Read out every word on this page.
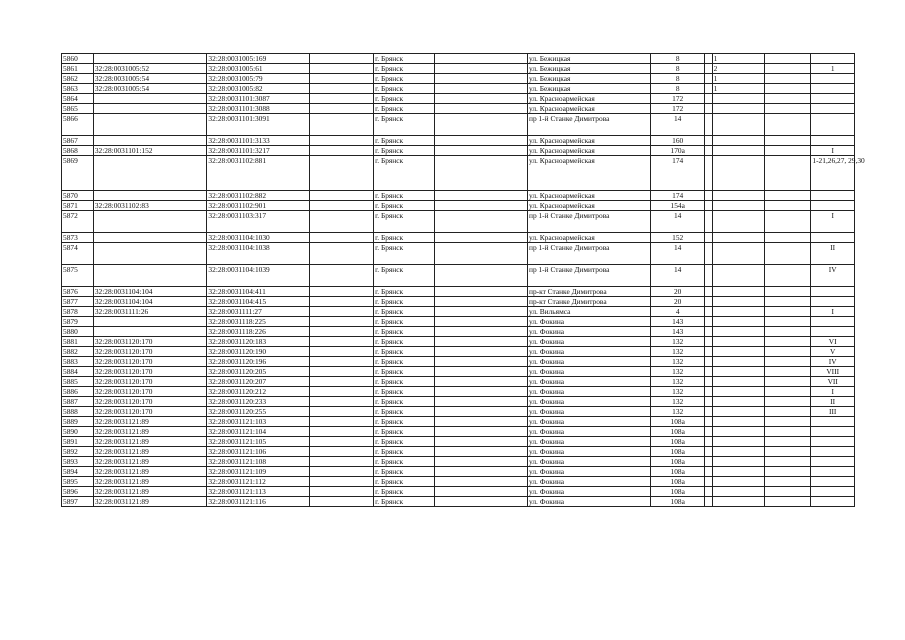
5860		32:28:0031005:169		г. Брянск		ул. Бежицкая	8		1		
5861	32:28:0031005:52	32:28:0031005:61		г. Брянск		ул. Бежицкая	8		2		1
5862	32:28:0031005:54	32:28:0031005:79		г. Брянск		ул. Бежицкая	8		1		
5863	32:28:0031005:54	32:28:0031005:82		г. Брянск		ул. Бежицкая	8		1		
5864		32:28:0031101:3087		г. Брянск		ул. Красноармейская	172				
5865		32:28:0031101:3088		г. Брянск		ул. Красноармейская	172				
5866		32:28:0031101:3091		г. Брянск		пр 1-й Станке Димитрова	14				
5867		32:28:0031101:3133		г. Брянск		ул. Красноармейская	160				
5868	32:28:0031101:152	32:28:0031101:3217		г. Брянск		ул. Красноармейская	170а				I
5869		32:28:0031102:881		г. Брянск		ул. Красноармейская	174				1-21,26,27, 29,30
5870		32:28:0031102:882		г. Брянск		ул. Красноармейская	174				
5871	32:28:0031102:83	32:28:0031102:901		г. Брянск		ул. Красноармейская	154а				
5872		32:28:0031103:317		г. Брянск		пр 1-й Станке Димитрова	14				I
5873		32:28:0031104:1030		г. Брянск		ул. Красноармейская	152				
5874		32:28:0031104:1038		г. Брянск		пр 1-й Станке Димитрова	14				II
5875		32:28:0031104:1039		г. Брянск		пр 1-й Станке Димитрова	14				IV
5876	32:28:0031104:104	32:28:0031104:411		г. Брянск		пр-кт Станке Димитрова	20				
5877	32:28:0031104:104	32:28:0031104:415		г. Брянск		пр-кт Станке Димитрова	20				
5878	32:28:0031111:26	32:28:0031111:27		г. Брянск		ул. Вильямса	4				I
5879		32:28:0031118:225		г. Брянск		ул. Фокина	143				
5880		32:28:0031118:226		г. Брянск		ул. Фокина	143				
5881	32:28:0031120:170	32:28:0031120:183		г. Брянск		ул. Фокина	132				VI
5882	32:28:0031120:170	32:28:0031120:190		г. Брянск		ул. Фокина	132				V
5883	32:28:0031120:170	32:28:0031120:196		г. Брянск		ул. Фокина	132				IV
5884	32:28:0031120:170	32:28:0031120:205		г. Брянск		ул. Фокина	132				VIII
5885	32:28:0031120:170	32:28:0031120:207		г. Брянск		ул. Фокина	132				VII
5886	32:28:0031120:170	32:28:0031120:212		г. Брянск		ул. Фокина	132				I
5887	32:28:0031120:170	32:28:0031120:233		г. Брянск		ул. Фокина	132				II
5888	32:28:0031120:170	32:28:0031120:255		г. Брянск		ул. Фокина	132				III
5889	32:28:0031121:89	32:28:0031121:103		г. Брянск		ул. Фокина	108а				
5890	32:28:0031121:89	32:28:0031121:104		г. Брянск		ул. Фокина	108а				
5891	32:28:0031121:89	32:28:0031121:105		г. Брянск		ул. Фокина	108а				
5892	32:28:0031121:89	32:28:0031121:106		г. Брянск		ул. Фокина	108а				
5893	32:28:0031121:89	32:28:0031121:108		г. Брянск		ул. Фокина	108а				
5894	32:28:0031121:89	32:28:0031121:109		г. Брянск		ул. Фокина	108а				
5895	32:28:0031121:89	32:28:0031121:112		г. Брянск		ул. Фокина	108а				
5896	32:28:0031121:89	32:28:0031121:113		г. Брянск		ул. Фокина	108а				
5897	32:28:0031121:89	32:28:0031121:116		г. Брянск		ул. Фокина	108а				
